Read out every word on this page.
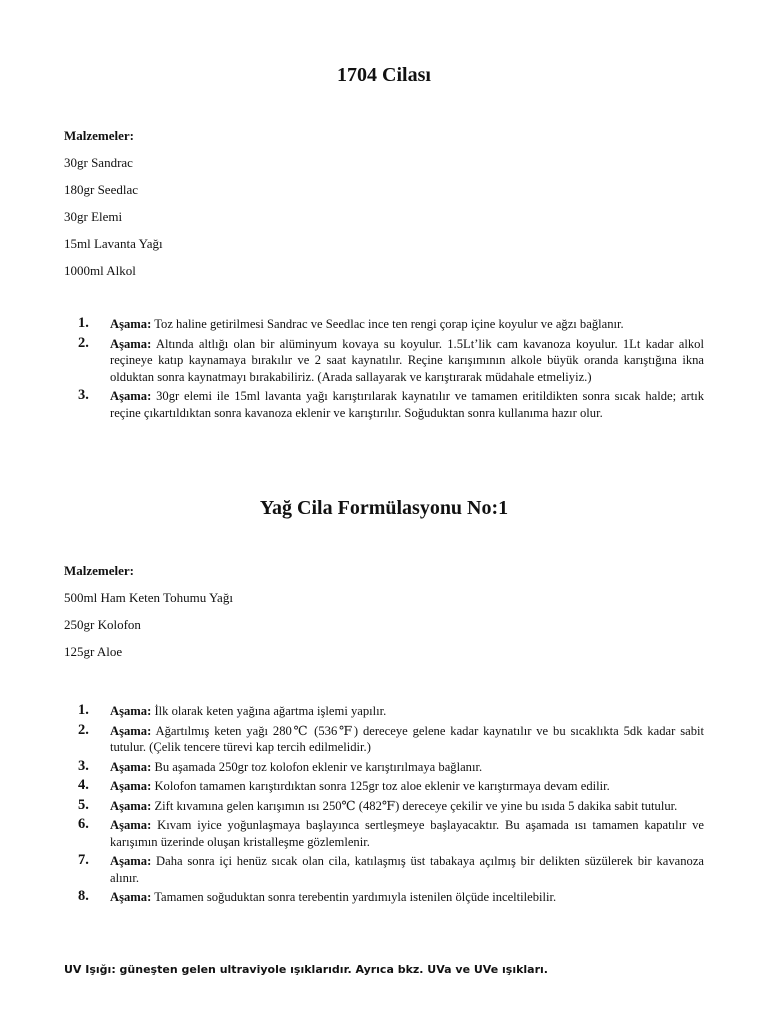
1704 Cilası

Malzemeler:

30gr Sandrac
180gr Seedlac
30gr Elemi
15ml Lavanta Yağı
1000ml Alkol
1.	Aşama: Toz haline getirilmesi Sandrac ve Seedlac ince ten rengi çorap içine koyulur ve ağzı bağlanır.
2.	Aşama: Altında altlığı olan bir alüminyum kovaya su koyulur. 1.5Lt’lik cam kavanoza koyulur. 1Lt kadar alkol reçineye katıp kaynamaya bırakılır ve 2 saat kaynatılır. Reçine karışımının alkole büyük oranda karıştığına ikna olduktan sonra kaynatmayı bırakabiliriz. (Arada sallayarak ve karıştırarak müdahale etmeliyiz.)
3.	Aşama: 30gr elemi ile 15ml lavanta yağı karıştırılarak kaynatılır ve tamamen eritildikten sonra sıcak halde; artık reçine çıkartıldıktan sonra kavanoza eklenir ve karıştırılır. Soğuduktan sonra kullanıma hazır olur.
Yağ Cila Formülasyonu No:1

Malzemeler:

500ml Ham Keten Tohumu Yağı
250gr Kolofon
125gr Aloe
1.	Aşama: İlk olarak keten yağına ağartma işlemi yapılır.
2.	Aşama: Ağartılmış keten yağı 280℃ (536℉) dereceye gelene kadar kaynatılır ve bu sıcaklıkta 5dk kadar sabit tutulur. (Çelik tencere türevi kap tercih edilmelidir.)
3.	Aşama: Bu aşamada 250gr toz kolofon eklenir ve karıştırılmaya bağlanır.
4.	Aşama: Kolofon tamamen karıştırdıktan sonra 125gr toz aloe eklenir ve karıştırmaya devam edilir.
5.	Aşama: Zift kıvamına gelen karışımın ısı 250℃ (482℉) dereceye çekilir ve yine bu ısıda 5 dakika sabit tutulur.
6.	Aşama: Kıvam iyice yoğunlaşmaya başlayınca sertleşmeye başlayacaktır. Bu aşamada ısı tamamen kapatılır ve karışımın üzerinde oluşan kristalleşme gözlemlenir.
7.	Aşama: Daha sonra içi henüz sıcak olan cila, katılaşmış üst tabakaya açılmış bir delikten süzülerek bir kavanoza alınır.
8.	Aşama: Tamamen soğuduktan sonra terebentin yardımıyla istenilen ölçüde inceltilebilir.

UV Işığı: güneşten gelen ultraviyole ışıklarıdır. Ayrıca bkz. UVa ve UVe ışıkları.
